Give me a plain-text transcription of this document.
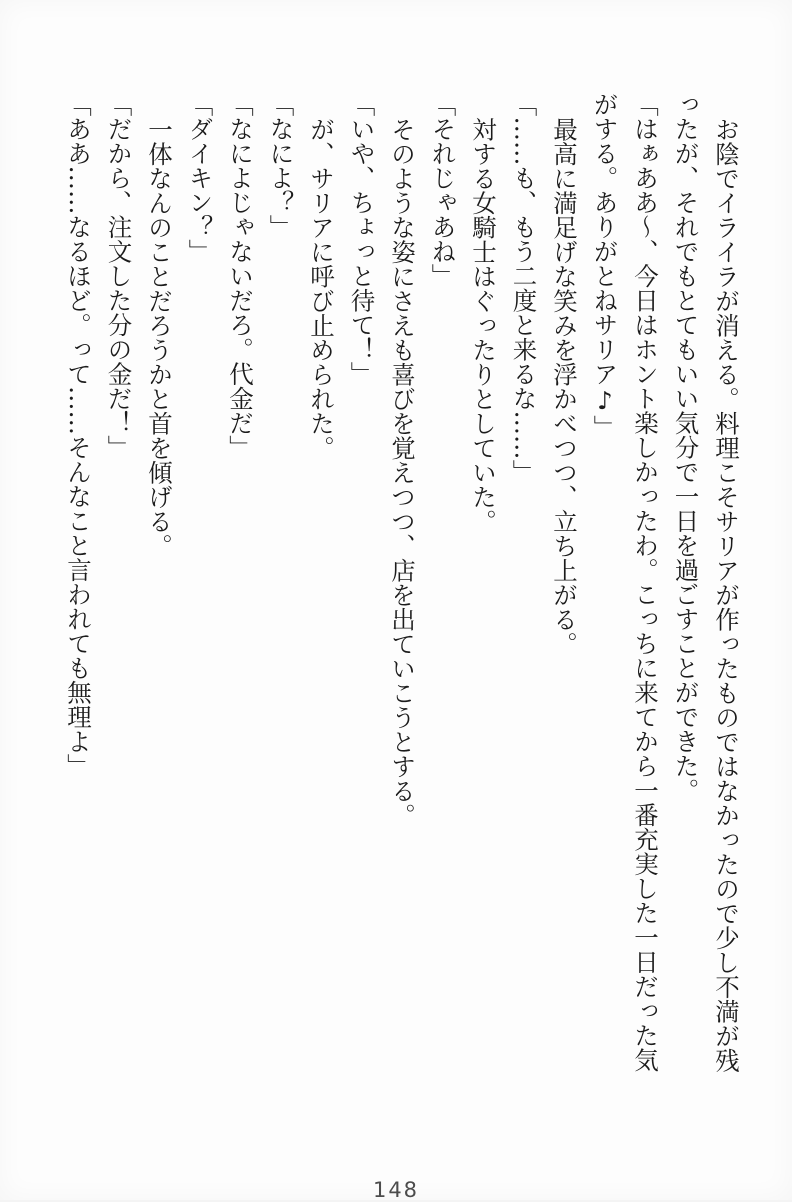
お陰でイライラが消える。料理こそサリアが作ったものではなかったので少し不満が残

ったが、それでもとてもいい気分で一日を過ごすことができた。

「はぁああ〜、今日はホント楽しかったわ。こっちに来てから一番充実した一日だった気

がする。ありがとねサリア♪」

最高に満足げな笑みを浮かべつつ、立ち上がる。

「……も、もう二度と来るな……」

対する女騎士はぐったりとしていた。

「それじゃあね」

そのような姿にさえも喜びを覚えつつ、店を出ていこうとする。

「いや、ちょっと待て！」

が、サリアに呼び止められた。

「なによ？」

「なによじゃないだろ。代金だ」

「ダイキン？」

一体なんのことだろうかと首を傾げる。

「だから、注文した分の金だ！」

「ああ……なるほど。って……そんなこと言われても無理よ」

148
